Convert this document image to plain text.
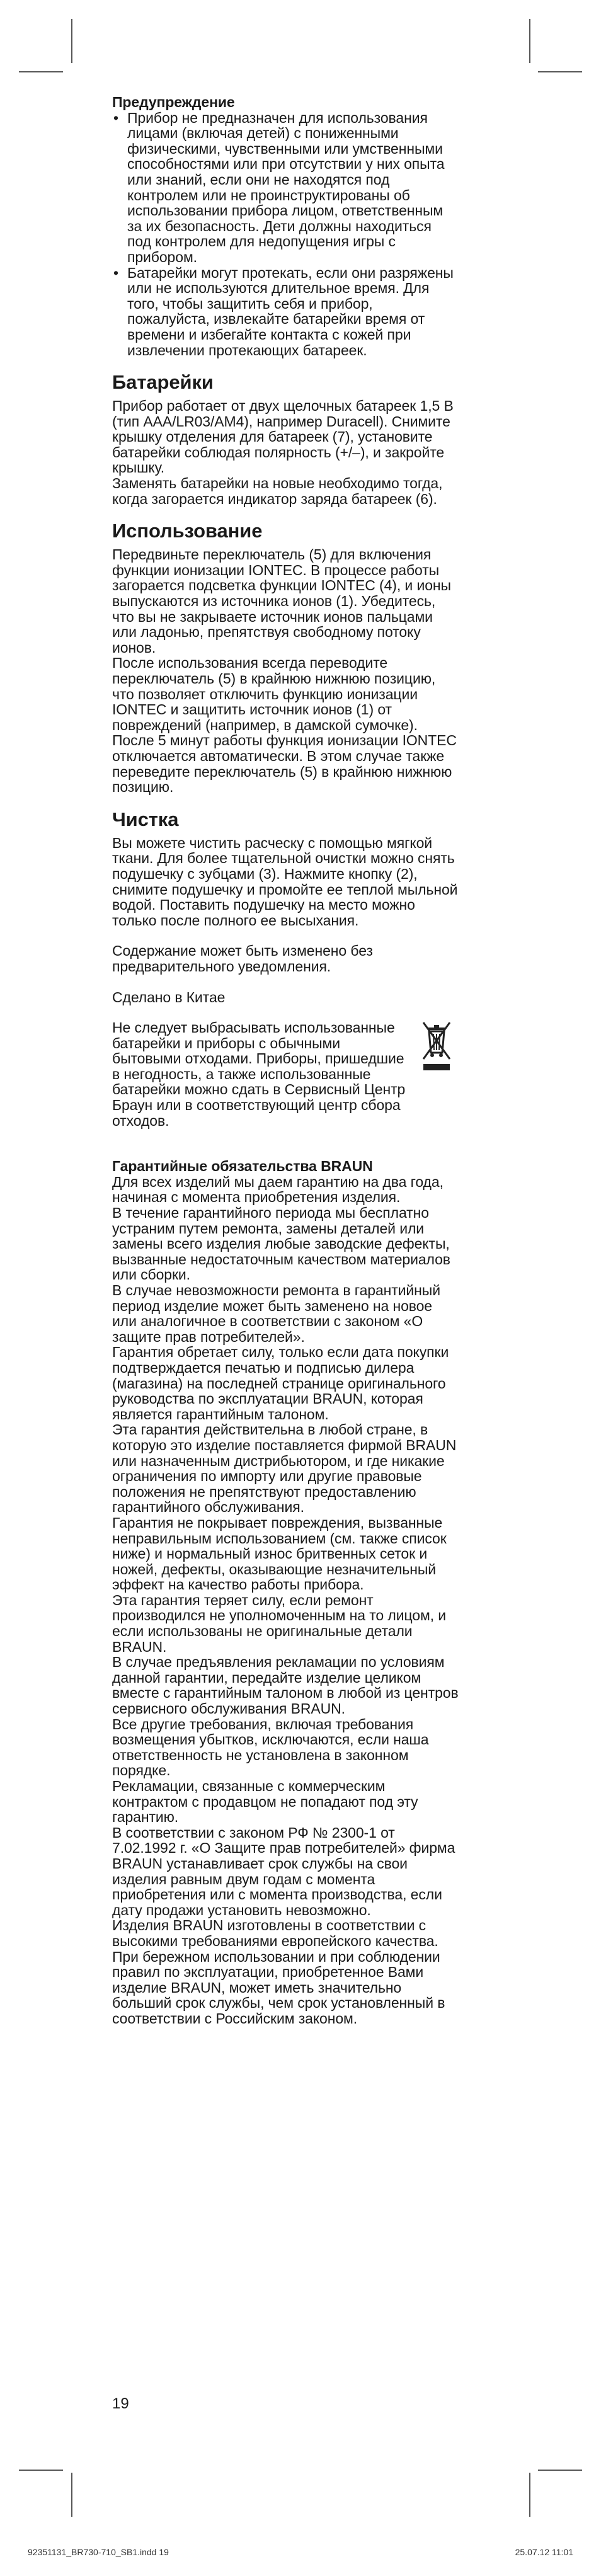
Предупреждение

• Прибор не предназначен для использования лицами (включая детей) с пониженными физическими, чувственными или умственными способностями или при отсутствии у них опыта или знаний, если они не находятся под контролем или не проинструктированы об использовании прибора лицом, ответственным за их безопасность. Дети должны находиться под контролем для недопущения игры с прибором.
• Батарейки могут протекать, если они разряжены или не используются длительное время. Для того, чтобы защитить себя и прибор, пожалуйста, извлекайте батарейки время от времени и избегайте контакта с кожей при извлечении протекающих батареек.
Батарейки

Прибор работает от двух щелочных батареек 1,5 В (тип AAA/LR03/AM4), например Duracell). Снимите крышку отделения для батареек (7), установите батарейки соблюдая полярность (+/–), и закройте крышку.

Заменять батарейки на новые необходимо тогда, когда загорается индикатор заряда батареек (6).

Использование

Передвиньте переключатель (5) для включения функции ионизации IONTEC. В процессе работы загорается подсветка функции IONTEC (4), и ионы выпускаются из источника ионов (1). Убедитесь, что вы не закрываете источник ионов пальцами или ладонью, препятствуя свободному потоку ионов.

После использования всегда переводите переключатель (5) в крайнюю нижнюю позицию, что позволяет отключить функцию ионизации IONTEC и защитить источник ионов (1) от повреждений (например, в дамской сумочке).

После 5 минут работы функция ионизации IONTEC отключается автоматически. В этом случае также переведите переключатель (5) в крайнюю нижнюю позицию.

Чистка

Вы можете чистить расческу с помощью мягкой ткани. Для более тщательной очистки можно снять подушечку с зубцами (3). Нажмите кнопку (2), снимите подушечку и промойте ее теплой мыльной водой. Поставить подушечку на место можно только после полного ее высыхания.

Содержание может быть изменено без предварительного уведомления.

Сделано в Китае

Не следует выбрасывать использованные батарейки и приборы с обычными бытовыми отходами. Приборы, пришедшие в негодность, а также использованные батарейки можно сдать в Сервисный Центр Браун или в соответствующий центр сбора отходов.

Гарантийные обязательства BRAUN

Для всех изделий мы даем гарантию на два года, начиная с момента приобретения изделия.

В течение гарантийного периода мы бесплатно устраним путем ремонта, замены деталей или замены всего изделия любые заводские дефекты, вызванные недостаточным качеством материалов или сборки.

В случае невозможности ремонта в гарантийный период изделие может быть заменено на новое или аналогичное в соответствии с законом «О защите прав потребителей».

Гарантия обретает силу, только если дата покупки подтверждается печатью и подписью дилера (магазина) на последней странице оригинального руководства по эксплуатации BRAUN, которая является гарантийным талоном.

Эта гарантия действительна в любой стране, в которую это изделие поставляется фирмой BRAUN или назначенным дистрибьютором, и где никакие ограничения по импорту или другие правовые положения не препятствуют предоставлению гарантийного обслуживания.

Гарантия не покрывает повреждения, вызванные неправильным использованием (см. также список ниже) и нормальный износ бритвенных сеток и ножей, дефекты, оказывающие незначительный эффект на качество работы прибора.

Эта гарантия теряет силу, если ремонт производился не уполномоченным на то лицом, и если использованы не оригинальные детали BRAUN.

В случае предъявления рекламации по условиям данной гарантии, передайте изделие целиком вместе с гарантийным талоном в любой из центров сервисного обслуживания BRAUN.

Все другие требования, включая требования возмещения убытков, исключаются, если наша ответственность не установлена в законном порядке.

Рекламации, связанные с коммерческим контрактом с продавцом не попадают под эту гарантию.

В соответствии с законом РФ № 2300-1 от 7.02.1992 г. «О Защите прав потребителей» фирма BRAUN устанавливает срок службы на свои изделия равным двум годам с момента приобретения или с момента производства, если дату продажи установить невозможно.

Изделия BRAUN изготовлены в соответствии с высокими требованиями европейского качества. При бережном использовании и при соблюдении правил по эксплуатации, приобретенное Вами изделие BRAUN, может иметь значительно больший срок службы, чем срок установленный в соответствии с Российским законом.

19
92351131_BR730-710_SB1.indd 19	25.07.12 11:01
